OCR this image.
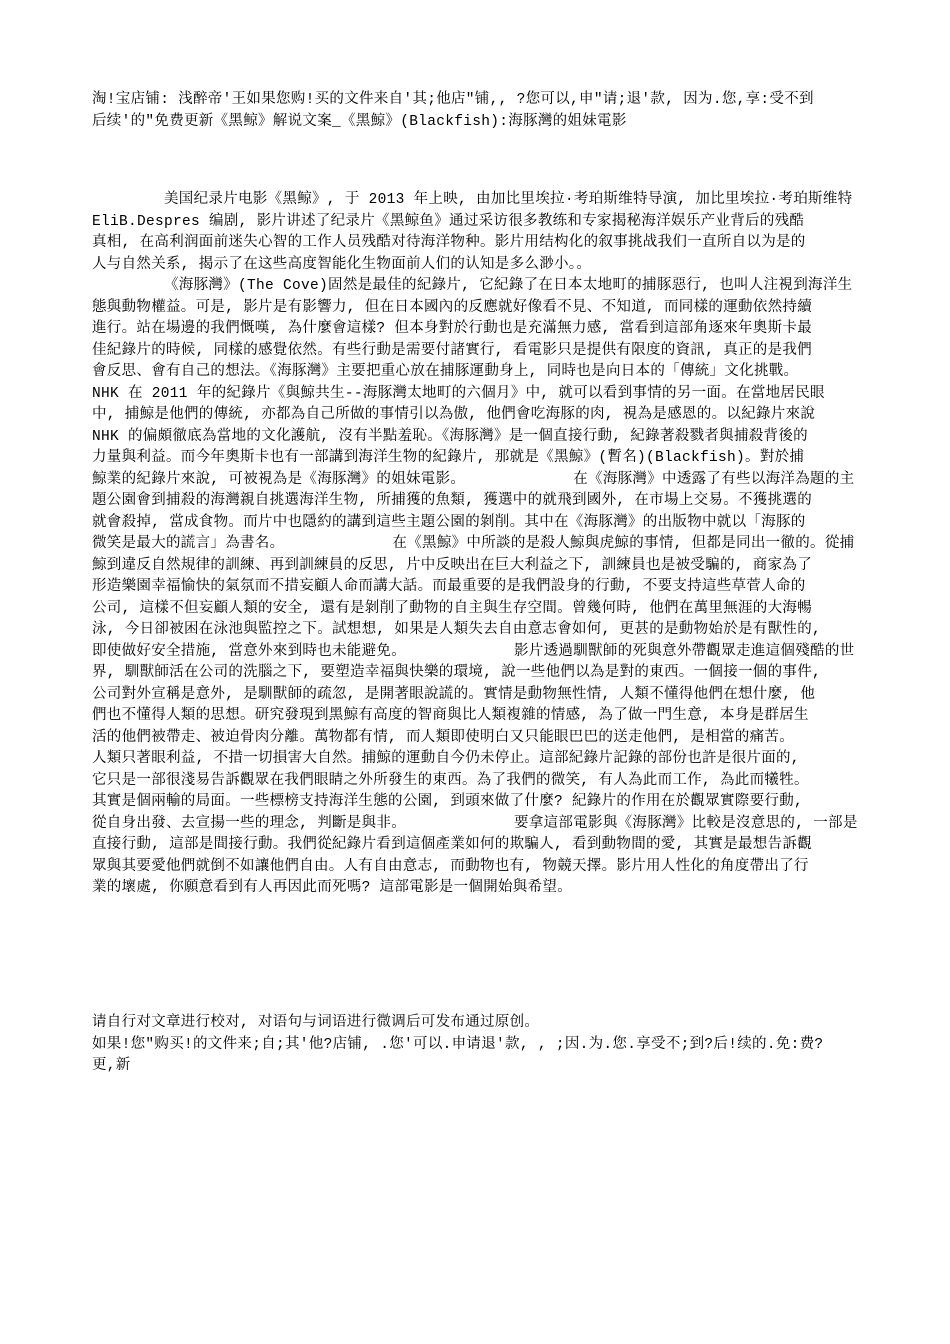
淘!宝店铺: 浅醉帝'王如果您购!买的文件来自'其;他店"铺,, ?您可以,申"请;退'款, 因为.您,享:受不到
后续'的"免费更新《黑鲸》解说文案_《黑鯨》(Blackfish):海豚灣的姐妹電影
美国纪录片电影《黑鲸》, 于 2013 年上映, 由加比里埃拉·考珀斯维特导演, 加比里埃拉·考珀斯维特
EliB.Despres 编剧, 影片讲述了纪录片《黑鲸鱼》通过采访很多教练和专家揭秘海洋娱乐产业背后的残酷
真相, 在高利润面前迷失心智的工作人员残酷对待海洋物种。影片用结构化的叙事挑战我们一直所自以为是的
人与自然关系, 揭示了在这些高度智能化生物面前人们的认知是多么渺小。。
《海豚灣》(The Cove)固然是最佳的紀錄片, 它紀錄了在日本太地町的捕豚惡行, 也叫人注視到海洋生
態與動物權益。可是, 影片是有影響力, 但在日本國內的反應就好像看不見、不知道, 而同樣的運動依然持續
進行。站在場邊的我們慨嘆, 為什麼會這樣? 但本身對於行動也是充滿無力感, 當看到這部角逐來年奧斯卡最
佳紀錄片的時候, 同樣的感覺依然。有些行動是需要付諸實行, 看電影只是提供有限度的資訊, 真正的是我們
會反思、會有自己的想法。《海豚灣》主要把重心放在捕豚運動身上, 同時也是向日本的「傳統」文化挑戰。
NHK 在 2011 年的紀錄片《與鯨共生--海豚灣太地町的六個月》中, 就可以看到事情的另一面。在當地居民眼
中, 捕鯨是他們的傳統, 亦都為自己所做的事情引以為傲, 他們會吃海豚的肉, 視為是感恩的。以紀錄片來說
NHK 的偏頗徹底為當地的文化護航, 沒有半點羞恥。《海豚灣》是一個直接行動, 紀錄著殺戮者與捕殺背後的
力量與利益。而今年奧斯卡也有一部講到海洋生物的紀錄片, 那就是《黑鯨》(暫名)(Blackfish)。對於捕
鯨業的紀錄片來說, 可被視為是《海豚灣》的姐妹電影。            在《海豚灣》中透露了有些以海洋為題的主
題公園會到捕殺的海灣親自挑選海洋生物, 所捕獲的魚類, 獲選中的就飛到國外, 在市場上交易。不獲挑選的
就會殺掉, 當成食物。而片中也隱約的講到這些主題公園的剝削。其中在《海豚灣》的出版物中就以「海豚的
微笑是最大的謊言」為書名。            在《黑鯨》中所談的是殺人鯨與虎鯨的事情, 但都是同出一徹的。從捕
鯨到違反自然規律的訓練、再到訓練員的反思, 片中反映出在巨大利益之下, 訓練員也是被受騙的, 商家為了
形造樂園幸福愉快的氣氛而不措妄顧人命而講大話。而最重要的是我們設身的行動, 不要支持這些草菅人命的
公司, 這樣不但妄顧人類的安全, 還有是剝削了動物的自主與生存空間。曾幾何時, 他們在萬里無涯的大海暢
泳, 今日卻被困在泳池與監控之下。試想想, 如果是人類失去自由意志會如何, 更甚的是動物始於是有獸性的,
即使做好安全措施, 當意外來到時也未能避免。            影片透過馴獸師的死與意外帶觀眾走進這個殘酷的世
界, 馴獸師活在公司的洗腦之下, 要塑造幸福與快樂的環境, 說一些他們以為是對的東西。一個接一個的事件,
公司對外宣稱是意外, 是馴獸師的疏忽, 是開著眼說謊的。實情是動物無性情, 人類不懂得他們在想什麼, 他
們也不懂得人類的思想。研究發現到黑鯨有高度的智商與比人類複雜的情感, 為了做一門生意, 本身是群居生
活的他們被帶走、被迫骨肉分離。萬物都有情, 而人類即使明白又只能眼巴巴的送走他們, 是相當的痛苦。
人類只著眼利益, 不措一切損害大自然。捕鯨的運動自今仍未停止。這部紀錄片記錄的部份也許是很片面的,
它只是一部很淺易告訴觀眾在我們眼睛之外所發生的東西。為了我們的微笑, 有人為此而工作, 為此而犧牲。
其實是個兩輸的局面。一些標榜支持海洋生態的公園, 到頭來做了什麼? 紀錄片的作用在於觀眾實際要行動,
從自身出發、去宣揚一些的理念, 判斷是與非。            要拿這部電影與《海豚灣》比較是沒意思的, 一部是
直接行動, 這部是間接行動。我們從紀錄片看到這個產業如何的欺騙人, 看到動物間的愛, 其實是最想告訴觀
眾與其要愛他們就倒不如讓他們自由。人有自由意志, 而動物也有, 物競天擇。影片用人性化的角度帶出了行
業的壞處, 你願意看到有人再因此而死嗎? 這部電影是一個開始與希望。
请自行对文章进行校对, 对语句与词语进行微调后可发布通过原创。
如果!您"购买!的文件来;自;其'他?店铺, .您'可以.申请退'款, , ;因.为.您.享受不;到?后!续的.免:费?
更,新
